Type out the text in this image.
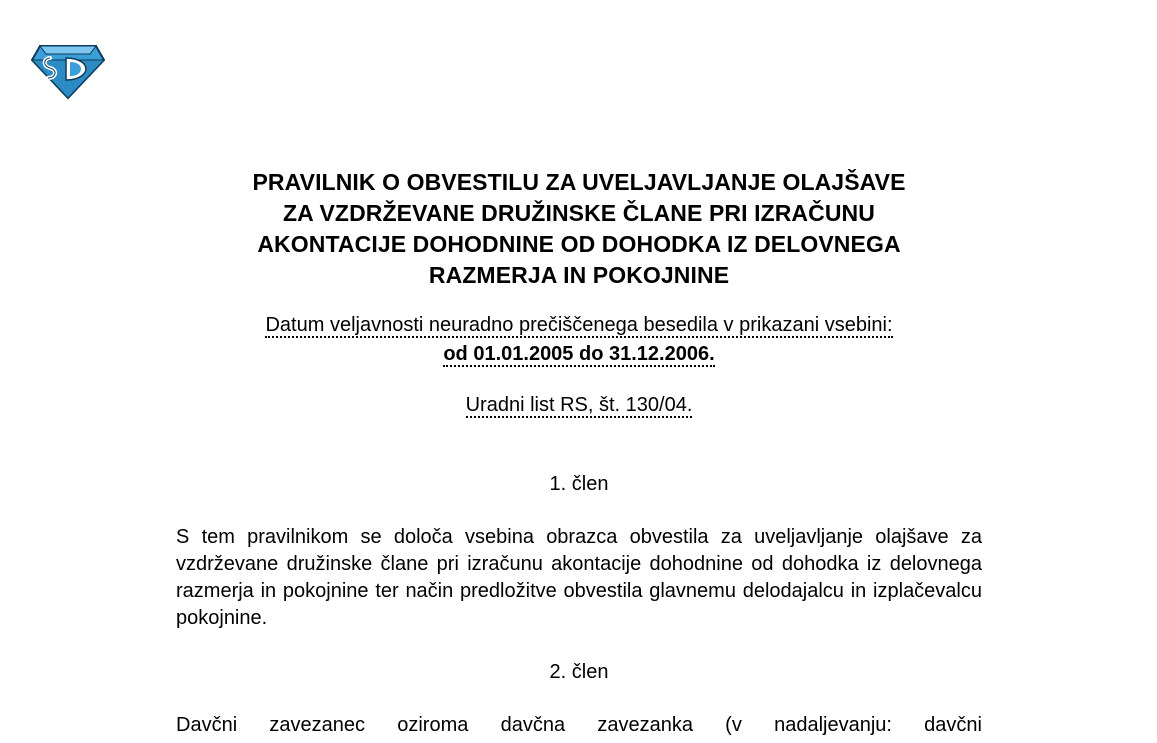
PRAVILNIK O OBVESTILU ZA UVELJAVLJANJE OLAJŠAVE
ZA VZDRŽEVANE DRUŽINSKE ČLANE PRI IZRAČUNU
AKONTACIJE DOHODNINE OD DOHODKA IZ DELOVNEGA
RAZMERJA IN POKOJNINE
Datum veljavnosti neuradno prečiščenega besedila v prikazani vsebini:
od 01.01.2005 do 31.12.2006.
Uradni list RS, št. 130/04.
1. člen
S tem pravilnikom se določa vsebina obrazca obvestila za uveljavljanje olajšave za vzdrževane družinske člane pri izračunu akontacije dohodnine od dohodka iz delovnega razmerja in pokojnine ter način predložitve obvestila glavnemu delodajalcu in izplačevalcu pokojnine.
2. člen
Davčni zavezanec oziroma davčna zavezanka (v nadaljevanju: davčni
